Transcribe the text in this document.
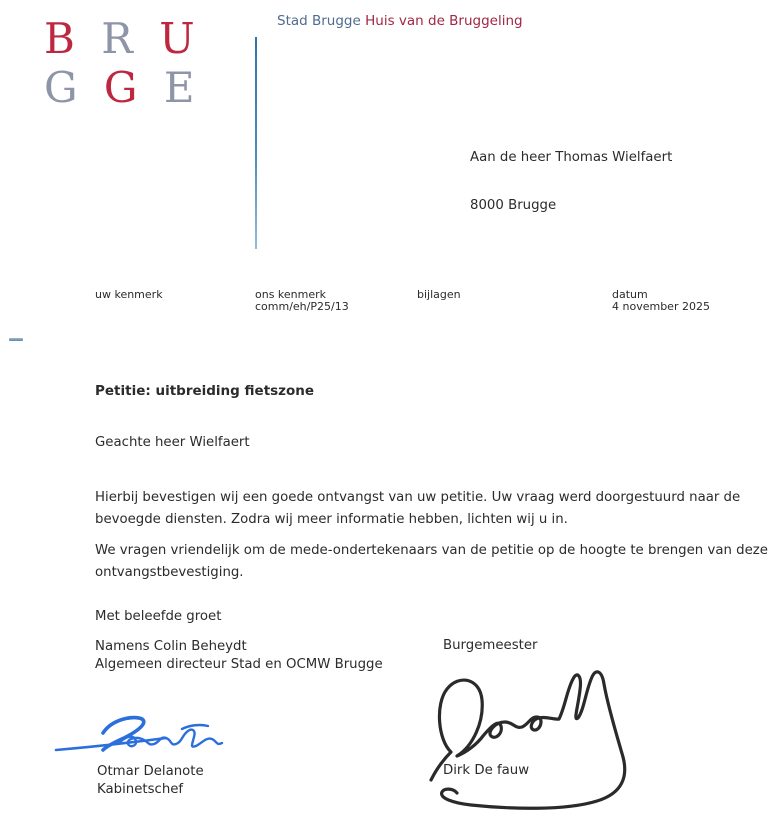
B R U
G G E
Stad Brugge Huis van de Bruggeling
Aan de heer Thomas Wielfaert
8000 Brugge
uw kenmerk	ons kenmerk
comm/eh/P25/13
bijlagen	datum
4 november 2025
Petitie: uitbreiding fietszone
Geachte heer Wielfaert
Hierbij bevestigen wij een goede ontvangst van uw petitie. Uw vraag werd doorgestuurd naar de
bevoegde diensten. Zodra wij meer informatie hebben, lichten wij u in.
We vragen vriendelijk om de mede-ondertekenaars van de petitie op de hoogte te brengen van deze
ontvangstbevestiging.
Met beleefde groet
Namens Colin Beheydt
Algemeen directeur Stad en OCMW Brugge
Burgemeester
Otmar Delanote
Kabinetschef
Dirk De fauw
